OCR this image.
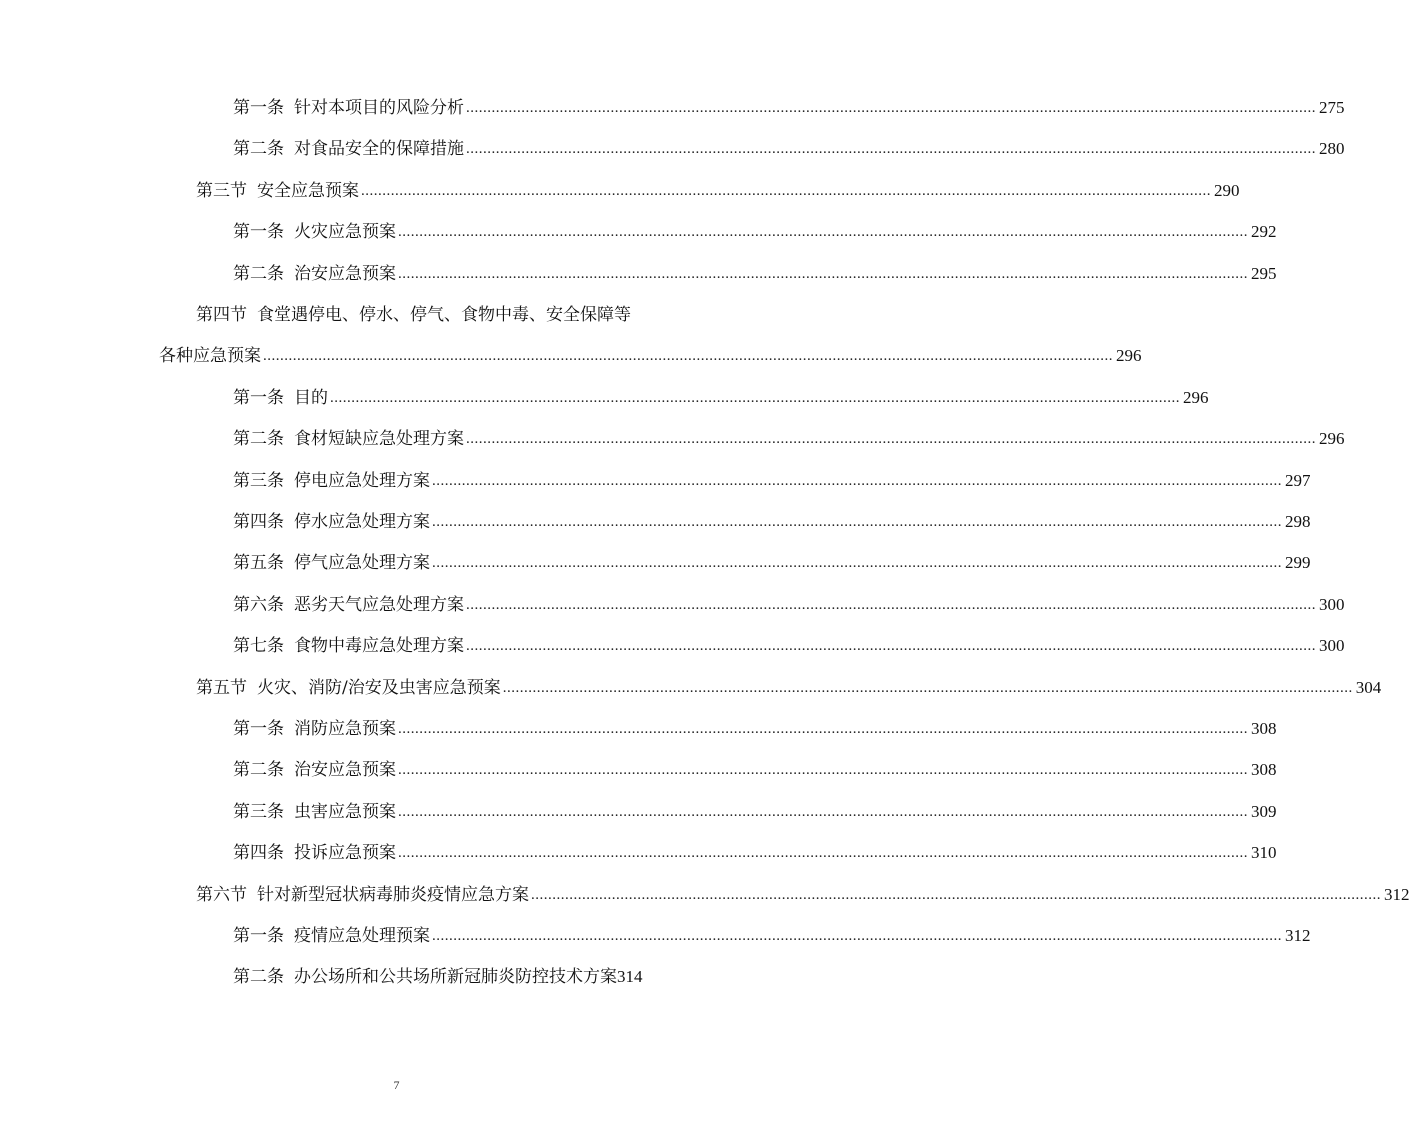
第一条 针对本项目的风险分析 ........................................................................................................................................................................................................ 275
第二条 对食品安全的保障措施 ........................................................................................................................................................................................................ 280
第三节 安全应急预案 ........................................................................................................................................................................................................ 290
第一条 火灾应急预案 ........................................................................................................................................................................................................ 292
第二条 治安应急预案 ........................................................................................................................................................................................................ 295
第四节 食堂遇停电、停水、停气、食物中毒、安全保障等
各种应急预案 ........................................................................................................................................................................................................ 296
第一条 目的 ........................................................................................................................................................................................................ 296
第二条 食材短缺应急处理方案 ........................................................................................................................................................................................................ 296
第三条 停电应急处理方案 ........................................................................................................................................................................................................ 297
第四条 停水应急处理方案 ........................................................................................................................................................................................................ 298
第五条 停气应急处理方案 ........................................................................................................................................................................................................ 299
第六条 恶劣天气应急处理方案 ........................................................................................................................................................................................................ 300
第七条 食物中毒应急处理方案 ........................................................................................................................................................................................................ 300
第五节 火灾、消防/治安及虫害应急预案 ........................................................................................................................................................................................................ 304
第一条 消防应急预案 ........................................................................................................................................................................................................ 308
第二条 治安应急预案 ........................................................................................................................................................................................................ 308
第三条 虫害应急预案 ........................................................................................................................................................................................................ 309
第四条 投诉应急预案 ........................................................................................................................................................................................................ 310
第六节 针对新型冠状病毒肺炎疫情应急方案 ........................................................................................................................................................................................................ 312
第一条 疫情应急处理预案 ........................................................................................................................................................................................................ 312
第二条 办公场所和公共场所新冠肺炎防控技术方案 314
7
